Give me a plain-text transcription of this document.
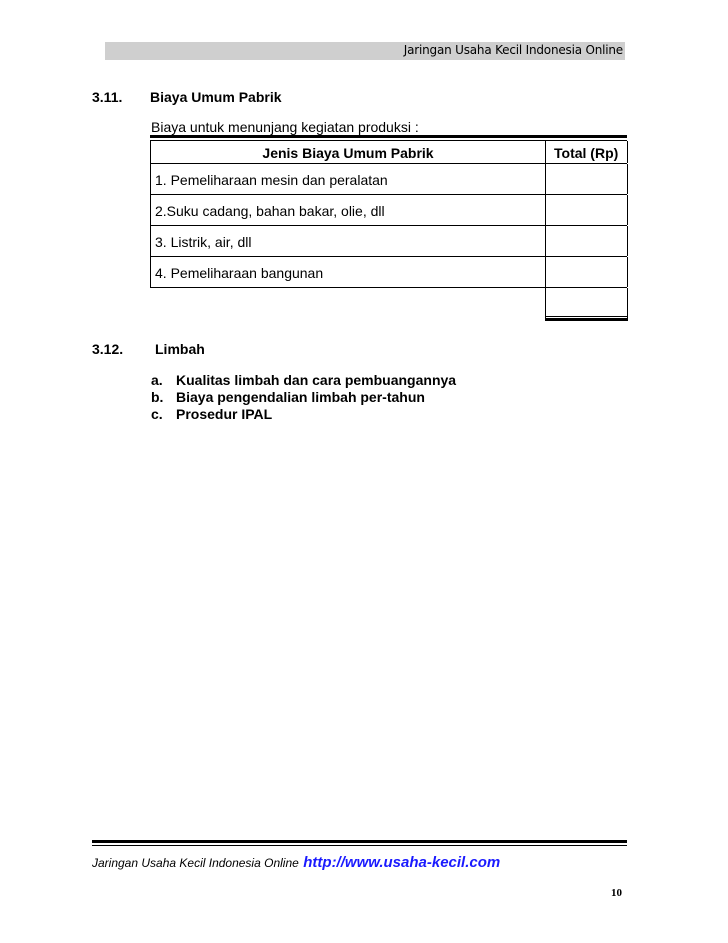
Jaringan Usaha Kecil Indonesia Online
3.11. Biaya Umum Pabrik
Biaya untuk menunjang kegiatan produksi :
Jenis Biaya Umum Pabrik	Total (Rp)
1. Pemeliharaan mesin dan peralatan
2.Suku cadang, bahan bakar, olie, dll
3. Listrik, air, dll
4. Pemeliharaan bangunan
3.12. Limbah
a. Kualitas limbah dan cara pembuangannya
b. Biaya pengendalian limbah per-tahun
c. Prosedur IPAL
Jaringan Usaha Kecil Indonesia Online http://www.usaha-kecil.com
10
